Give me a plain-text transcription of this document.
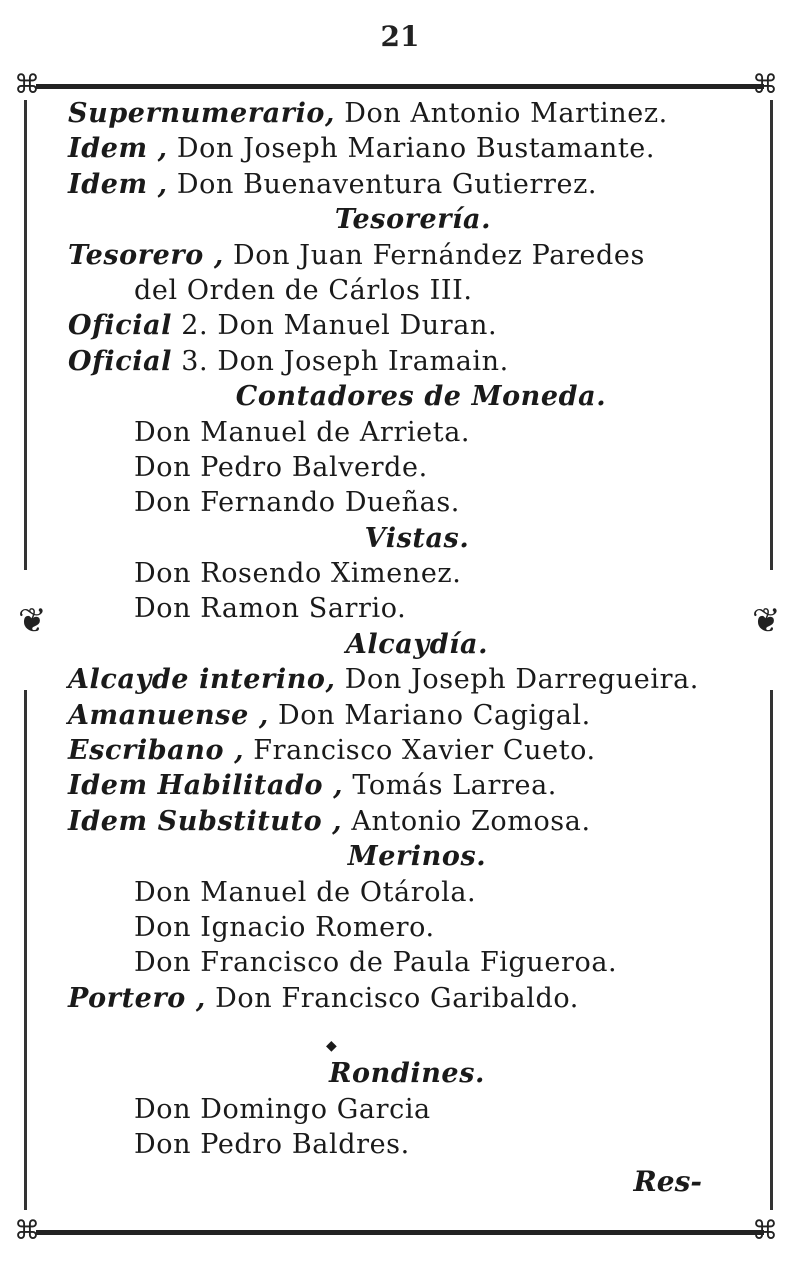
21
⌘	⌘
⌘	⌘
❦	❦
Supernumerario, Don Antonio Martinez.
Idem , Don Joseph Mariano Bustamante.
Idem , Don Buenaventura Gutierrez.
Tesorería.
Tesorero , Don Juan Fernández Paredes
del Orden de Cárlos III.
Oficial 2. Don Manuel Duran.
Oficial 3. Don Joseph Iramain.
Contadores de Moneda.
Don Manuel de Arrieta.
Don Pedro Balverde.
Don Fernando Dueñas.
Vistas.
Don Rosendo Ximenez.
Don Ramon Sarrio.
Alcaydía.
Alcayde interino, Don Joseph Darregueira.
Amanuense , Don Mariano Cagigal.
Escribano , Francisco Xavier Cueto.
Idem Habilitado , Tomás Larrea.
Idem Substituto , Antonio Zomosa.
Merinos.
Don Manuel de Otárola.
Don Ignacio Romero.
Don Francisco de Paula Figueroa.
Portero , Don Francisco Garibaldo.
◆
Rondines.
Don Domingo Garcia
Don Pedro Baldres.
Res-
